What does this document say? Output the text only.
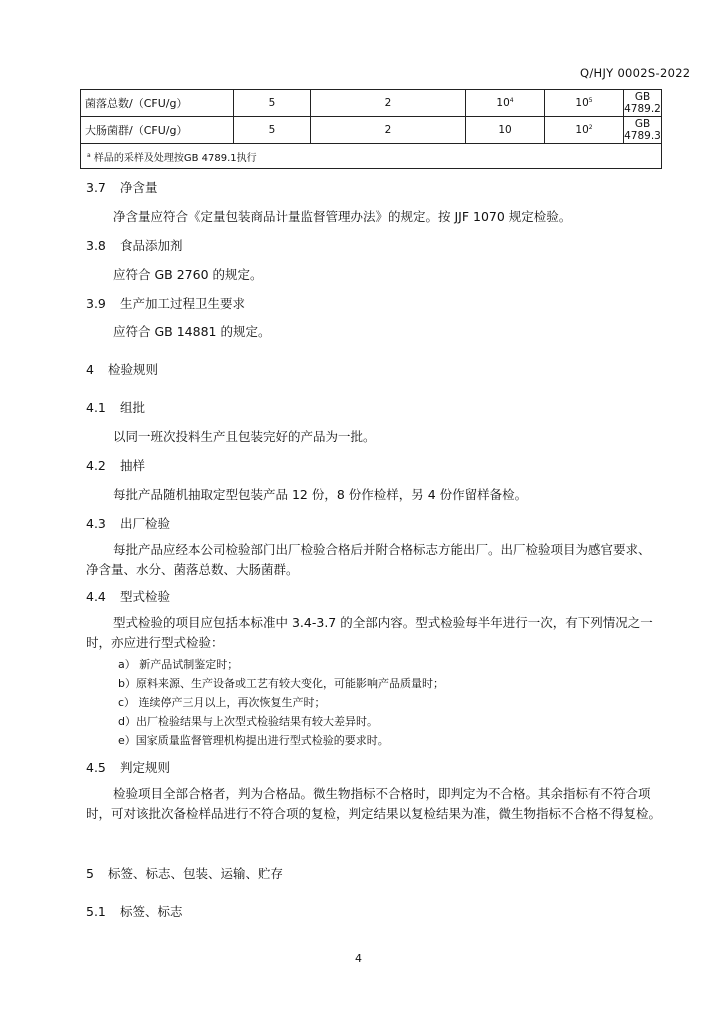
Q/HJY 0002S-2022
菌落总数/（CFU/g）	5	2	$10^4$	$10^5$	GB 4789.2
大肠菌群/（CFU/g）	5	2	10	$10^2$	GB 4789.3
$^a$ 样品的采样及处理按GB 4789.1执行					
3.7 净含量
净含量应符合《定量包装商品计量监督管理办法》的规定。按 JJF 1070 规定检验。
3.8 食品添加剂
应符合 GB 2760 的规定。
3.9 生产加工过程卫生要求
应符合 GB 14881 的规定。
4 检验规则
4.1 组批
以同一班次投料生产且包装完好的产品为一批。
4.2 抽样
每批产品随机抽取定型包装产品 12 份，8 份作检样，另 4 份作留样备检。
4.3 出厂检验
每批产品应经本公司检验部门出厂检验合格后并附合格标志方能出厂。出厂检验项目为感官要求、净含量、水分、菌落总数、大肠菌群。
4.4 型式检验
型式检验的项目应包括本标准中 3.4-3.7 的全部内容。型式检验每半年进行一次，有下列情况之一时，亦应进行型式检验：
a） 新产品试制鉴定时；
b）原料来源、生产设备或工艺有较大变化，可能影响产品质量时；
c） 连续停产三月以上，再次恢复生产时；
d）出厂检验结果与上次型式检验结果有较大差异时。
e）国家质量监督管理机构提出进行型式检验的要求时。
4.5 判定规则
检验项目全部合格者，判为合格品。微生物指标不合格时，即判定为不合格。其余指标有不符合项时，可对该批次备检样品进行不符合项的复检，判定结果以复检结果为准，微生物指标不合格不得复检。
5 标签、标志、包装、运输、贮存
5.1 标签、标志
4
